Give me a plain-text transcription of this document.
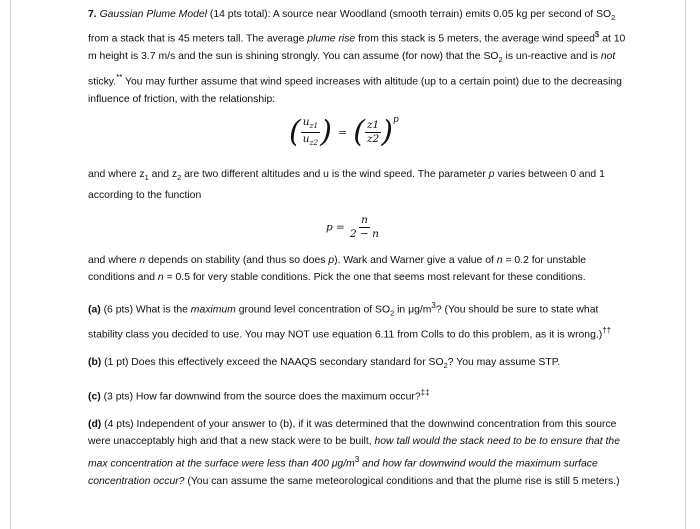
7. Gaussian Plume Model (14 pts total): A source near Woodland (smooth terrain) emits 0.05 kg per second of $SO_2$ from a stack that is 45 meters tall. The average plume rise from this stack is 5 meters, the average wind speed$ at 10 m height is 3.7 m/s and the sun is shining strongly. You can assume (for now) that the $SO_2$ is un-reactive and is not sticky.** You may further assume that wind speed increases with altitude (up to a certain point) due to the decreasing influence of friction, with the relationship:

( $\frac{u_{z1}}{u_{z2}}$ ) = ( $\frac{z1}{z2} )p$

and where $z_1$ and $z_2$ are two different altitudes and u is the wind speed. The parameter p varies between 0 and 1 according to the function

$p = \frac{n}{2 - n}$

and where n depends on stability (and thus so does p). Wark and Warner give a value of n = 0.2 for unstable conditions and n = 0.5 for very stable conditions. Pick the one that seems most relevant for these conditions.

(a) (6 pts) What is the maximum ground level concentration of $SO_2$ in $\mu g/m^3$? (You should be sure to state what stability class you decided to use. You may NOT use equation 6.11 from Colls to do this problem, as it is wrong.)††

(b) (1 pt) Does this effectively exceed the NAAQS secondary standard for $SO_2$? You may assume STP.

(c) (3 pts) How far downwind from the source does the maximum occur?‡‡

(d) (4 pts) Independent of your answer to (b), if it was determined that the downwind concentration from this source were unacceptably high and that a new stack were to be built, how tall would the stack need to be to ensure that the max concentration at the surface were less than 400 $\mu g/m^3$ and how far downwind would the maximum surface concentration occur? (You can assume the same meteorological conditions and that the plume rise is still 5 meters.)
